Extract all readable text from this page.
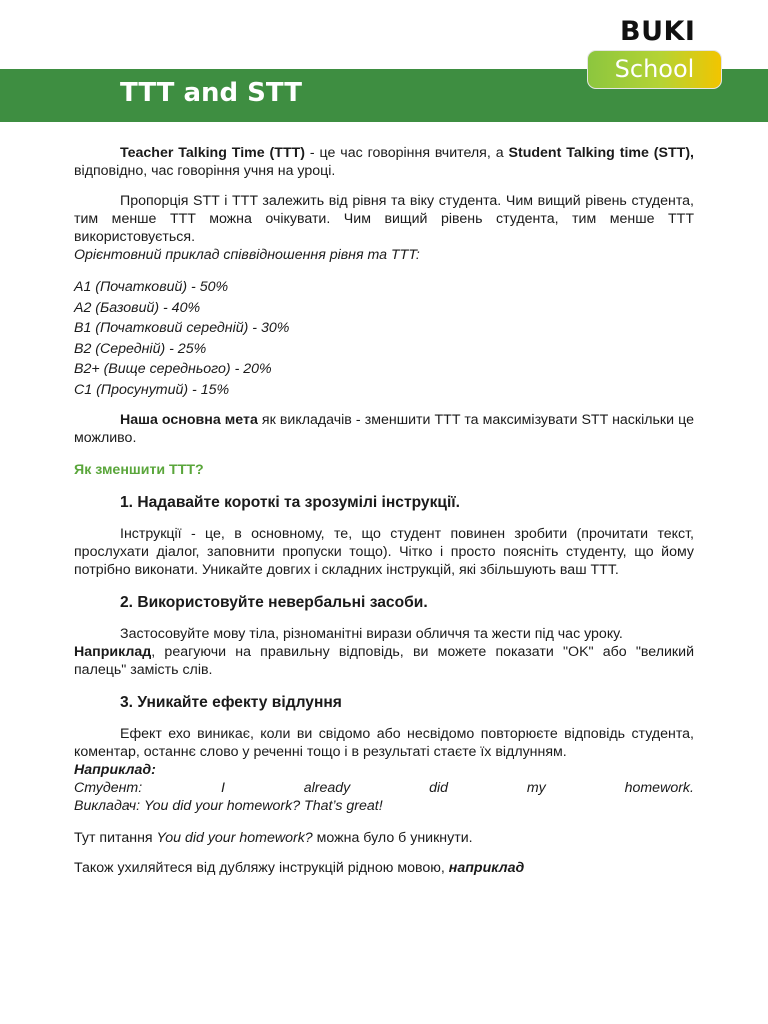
BUKI
TTT and STT
School

Teacher Talking Time (TTT) - це час говоріння вчителя, а Student Talking time (STT), відповідно, час говоріння учня на уроці.

Пропорція STT і TTT залежить від рівня та віку студента. Чим вищий рівень студента, тим менше TTT можна очікувати. Чим вищий рівень студента, тим менше TTT використовується.

Орієнтовний приклад співвідношення рівня та TTT:

A1 (Початковий) - 50%

A2 (Базовий) - 40%

B1 (Початковий середній) - 30%

B2 (Середній) - 25%

B2+ (Вище середнього) - 20%

C1 (Просунутий) - 15%

Наша основна мета як викладачів - зменшити TTT та максимізувати STT наскільки це можливо.

Як зменшити TTT?

1. Надавайте короткі та зрозумілі інструкції.

Інструкції - це, в основному, те, що студент повинен зробити (прочитати текст, прослухати діалог, заповнити пропуски тощо). Чітко і просто поясніть студенту, що йому потрібно виконати. Уникайте довгих і складних інструкцій, які збільшують ваш TTT.

2. Використовуйте невербальні засоби.

Застосовуйте мову тіла, різноманітні вирази обличчя та жести під час уроку.

Наприклад, реагуючи на правильну відповідь, ви можете показати "OK" або "великий палець" замість слів.

3. Уникайте ефекту відлуння

Ефект ехо виникає, коли ви свідомо або несвідомо повторюєте відповідь студента, коментар, останнє слово у реченні тощо і в результаті стаєте їх відлунням.

Наприклад:

Студент:	I	already	did	my	homework.

Викладач: You did your homework? That’s great!

Тут питання You did your homework? можна було б уникнути.

Також ухиляйтеся від дубляжу інструкцій рідною мовою, наприклад
